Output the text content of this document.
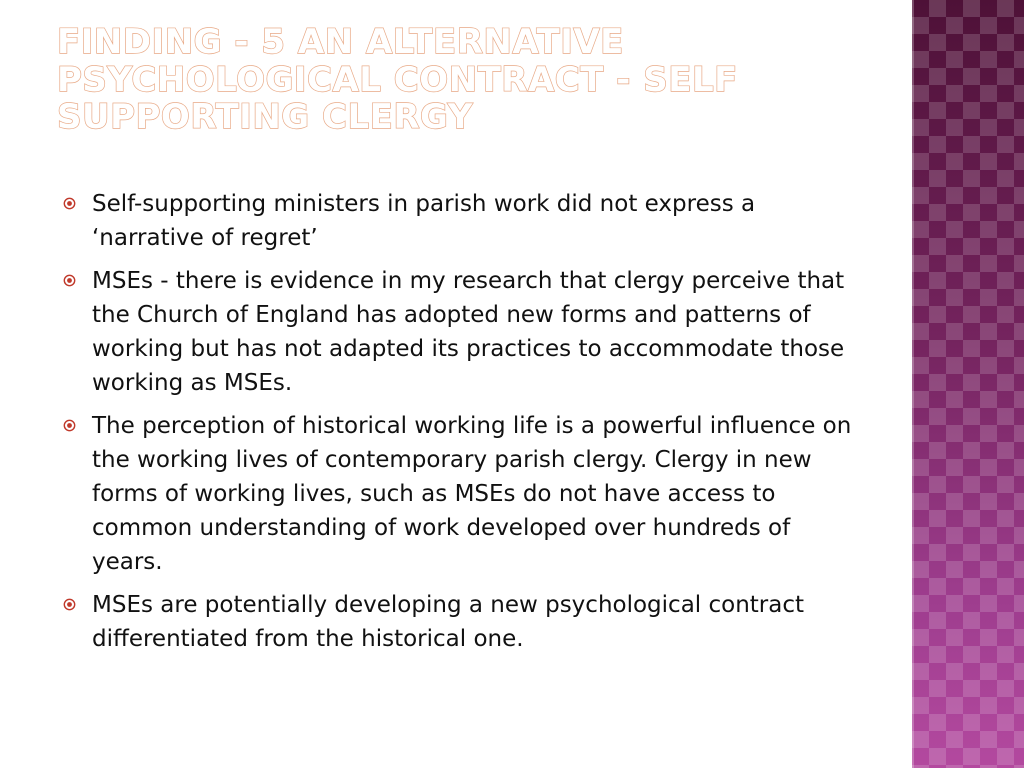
FINDING - 5 AN ALTERNATIVE PSYCHOLOGICAL CONTRACT - SELF SUPPORTING CLERGY
Self-supporting ministers in parish work did not express a ‘narrative of regret’
MSEs - there is evidence in my research that clergy perceive that the Church of England has adopted new forms and patterns of working but has not adapted its practices to accommodate those working as MSEs.
The perception of historical working life is a powerful influence on the working lives of contemporary parish clergy. Clergy in new forms of working lives, such as MSEs do not have access to common understanding of work developed over hundreds of years.
MSEs are potentially developing a new psychological contract differentiated from the historical one.
